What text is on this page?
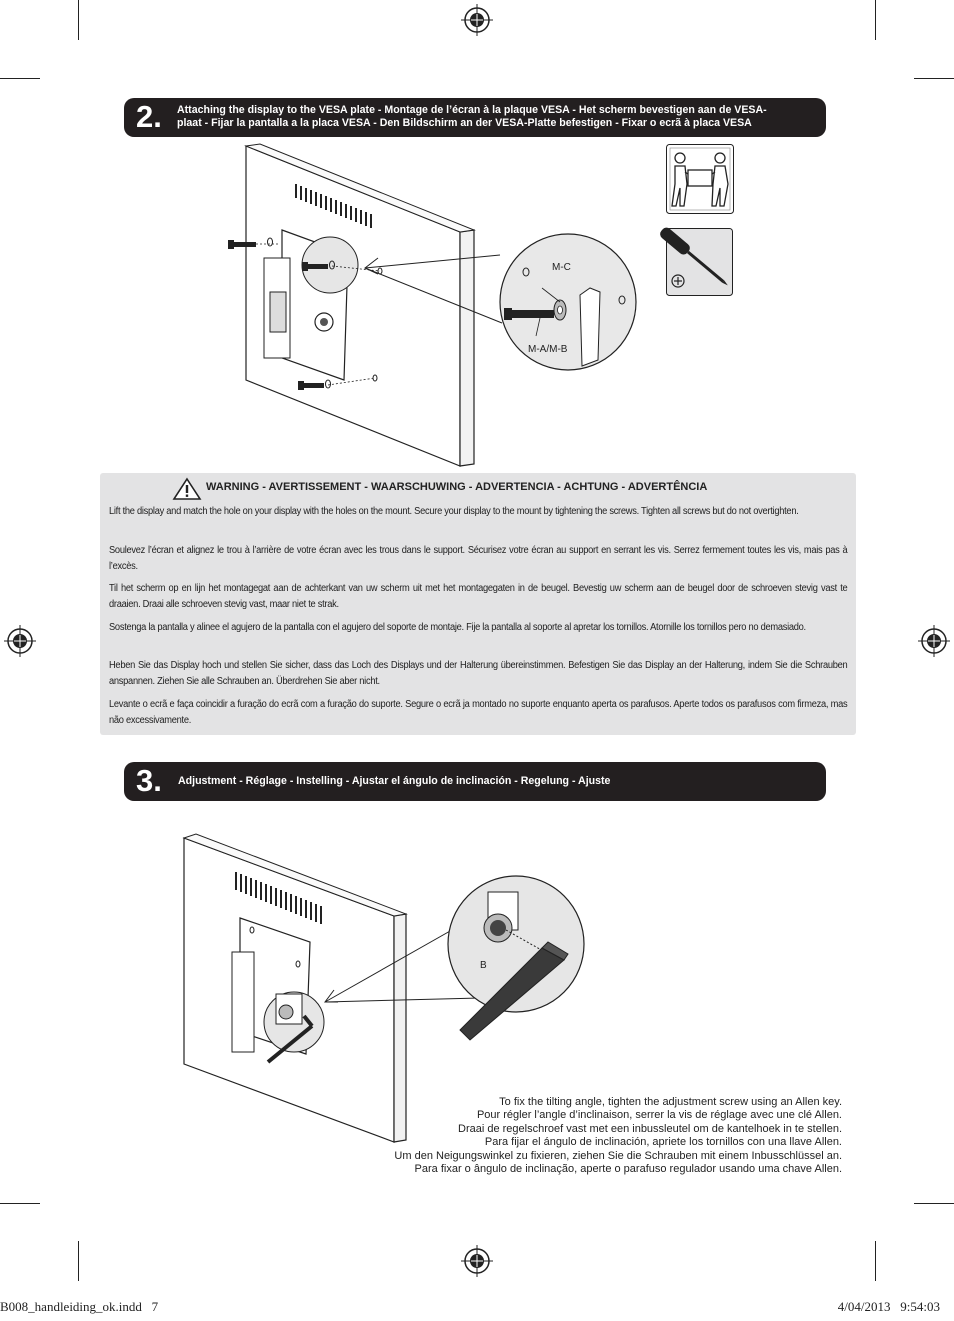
2. Attaching the display to the VESA plate - Montage de l’écran à la plaque VESA - Het scherm bevestigen aan de VESA-
plaat - Fijar la pantalla a la placa VESA - Den Bildschirm an der VESA-Platte befestigen - Fixar o ecrã à placa VESA
M-C
M-A/M-B
WARNING - AVERTISSEMENT - WAARSCHUWING - ADVERTENCIA - ACHTUNG - ADVERTÊNCIA

Lift the display and match the hole on your display with the holes on the mount. Secure your display to the mount by tightening the screws. Tighten all screws but do not overtighten.

Soulevez l’écran et alignez le trou à l’arrière de votre écran avec les trous dans le support. Sécurisez votre écran au support en serrant les vis. Serrez fermement toutes les vis, mais pas à l’excès.

Til het scherm op en lijn het montagegat aan de achterkant van uw scherm uit met het montagegaten in de beugel. Bevestig uw scherm aan de beugel door de schroeven stevig vast te draaien. Draai alle schroeven stevig vast, maar niet te strak.

Sostenga la pantalla y alinee el agujero de la pantalla con el agujero del soporte de montaje. Fije la pantalla al soporte al apretar los tornillos. Atornille los tornillos pero no demasiado.

Heben Sie das Display hoch und stellen Sie sicher, dass das Loch des Displays und der Halterung übereinstimmen. Befestigen Sie das Display an der Halterung, indem Sie die Schrauben anspannen. Ziehen Sie alle Schrauben an. Überdrehen Sie aber nicht.

Levante o ecrã e faça coincidir a furação do ecrã com a furação do suporte. Segure o ecrã ja montado no suporte enquanto aperta os parafusos. Aperte todos os parafusos com firmeza, mas não excessivamente.

3. Adjustment - Réglage - Instelling - Ajustar el ángulo de inclinación - Regelung - Ajuste
B
To fix the tilting angle, tighten the adjustment screw using an Allen key.
Pour régler l’angle d’inclinaison, serrer la vis de réglage avec une clé Allen.
Draai de regelschroef vast met een inbussleutel om de kantelhoek in te stellen.
Para fijar el ángulo de inclinación, apriete los tornillos con una llave Allen.
Um den Neigungswinkel zu fixieren, ziehen Sie die Schrauben mit einem Inbusschlüssel an.
Para fixar o ângulo de inclinação, aperte o parafuso regulador usando uma chave Allen.
B008_handleiding_ok.indd   7	4/04/2013   9:54:03
